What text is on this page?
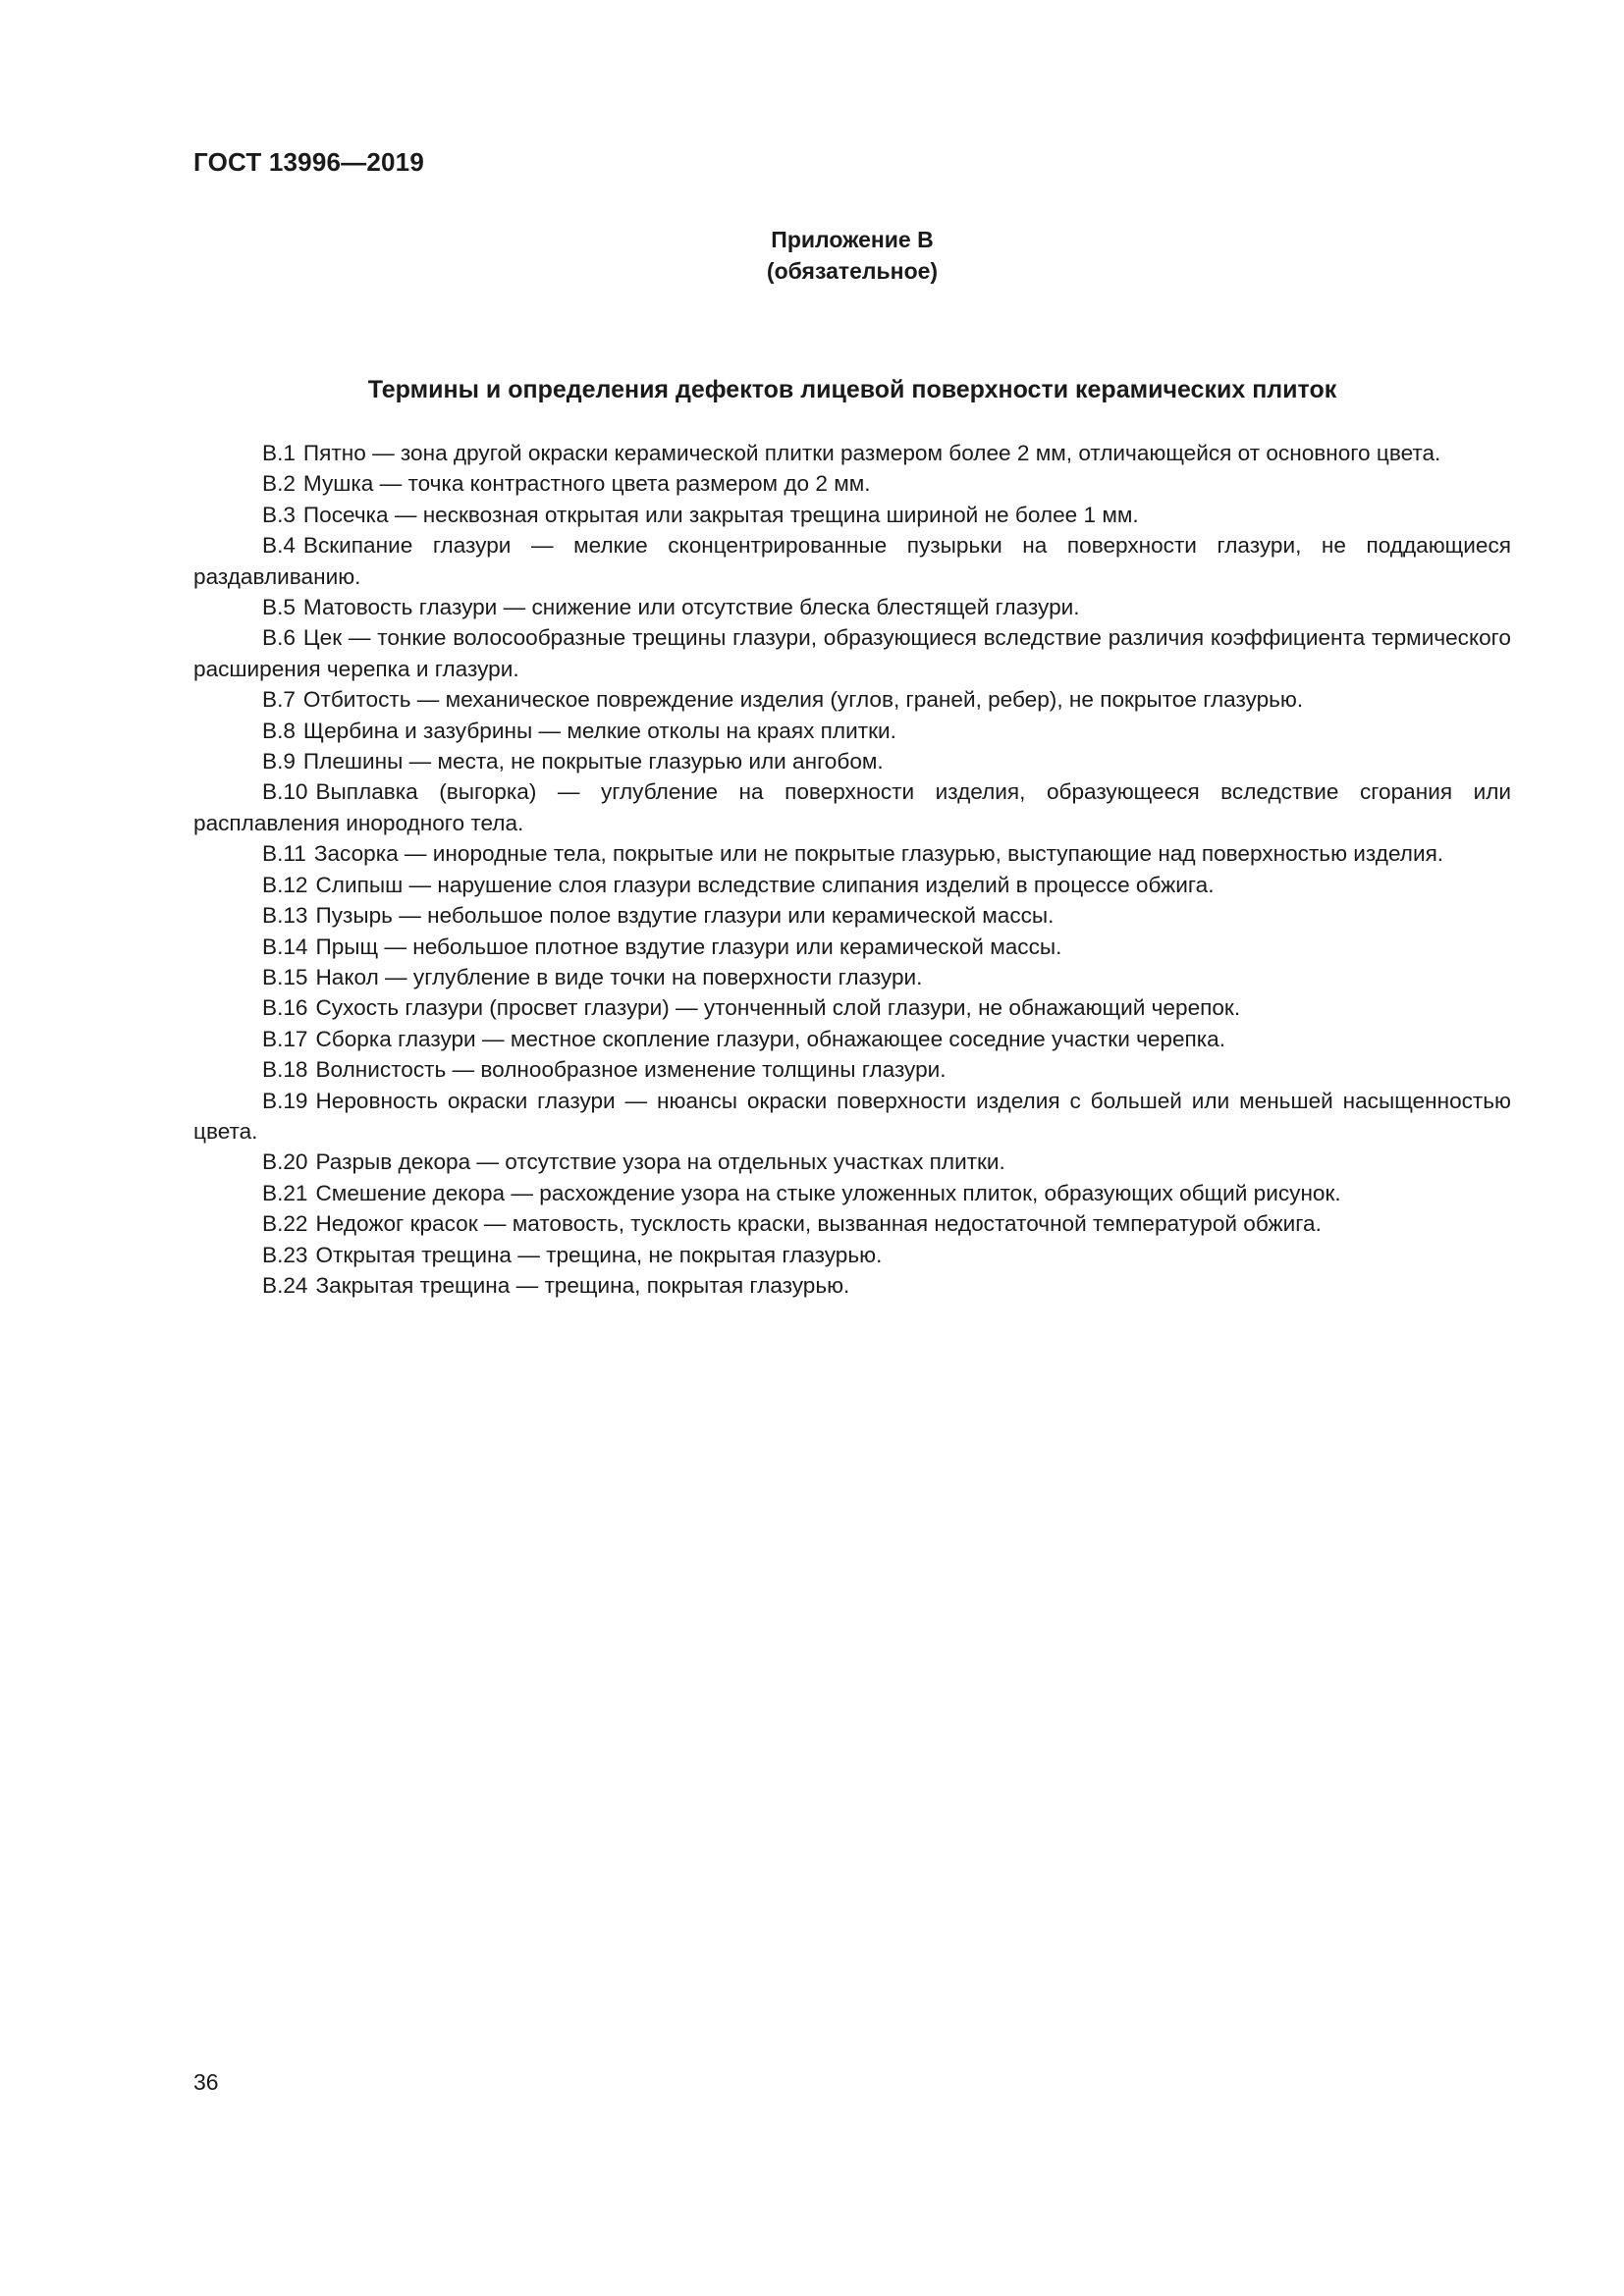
ГОСТ 13996—2019

Приложение В
(обязательное)
Термины и определения дефектов лицевой поверхности керамических плиток
В.1 Пятно — зона другой окраски керамической плитки размером более 2 мм, отличающейся от основного цвета.
В.2 Мушка — точка контрастного цвета размером до 2 мм.
В.3 Посечка — несквозная открытая или закрытая трещина шириной не более 1 мм.
В.4 Вскипание глазури — мелкие сконцентрированные пузырьки на поверхности глазури, не поддающиеся раздавливанию.
В.5 Матовость глазури — снижение или отсутствие блеска блестящей глазури.
В.6 Цек — тонкие волосообразные трещины глазури, образующиеся вследствие различия коэффициента термического расширения черепка и глазури.
В.7 Отбитость — механическое повреждение изделия (углов, граней, ребер), не покрытое глазурью.
В.8 Щербина и зазубрины — мелкие отколы на краях плитки.
В.9 Плешины — места, не покрытые глазурью или ангобом.
В.10 Выплавка (выгорка) — углубление на поверхности изделия, образующееся вследствие сгорания или расплавления инородного тела.
В.11 Засорка — инородные тела, покрытые или не покрытые глазурью, выступающие над поверхностью изделия.
В.12 Слипыш — нарушение слоя глазури вследствие слипания изделий в процессе обжига.
В.13 Пузырь — небольшое полое вздутие глазури или керамической массы.
В.14 Прыщ — небольшое плотное вздутие глазури или керамической массы.
В.15 Накол — углубление в виде точки на поверхности глазури.
В.16 Сухость глазури (просвет глазури) — утонченный слой глазури, не обнажающий черепок.
В.17 Сборка глазури — местное скопление глазури, обнажающее соседние участки черепка.
В.18 Волнистость — волнообразное изменение толщины глазури.
В.19 Неровность окраски глазури — нюансы окраски поверхности изделия с большей или меньшей насыщенностью цвета.
В.20 Разрыв декора — отсутствие узора на отдельных участках плитки.
В.21 Смешение декора — расхождение узора на стыке уложенных плиток, образующих общий рисунок.
В.22 Недожог красок — матовость, тусклость краски, вызванная недостаточной температурой обжига.
В.23 Открытая трещина — трещина, не покрытая глазурью.
В.24 Закрытая трещина — трещина, покрытая глазурью.

36
